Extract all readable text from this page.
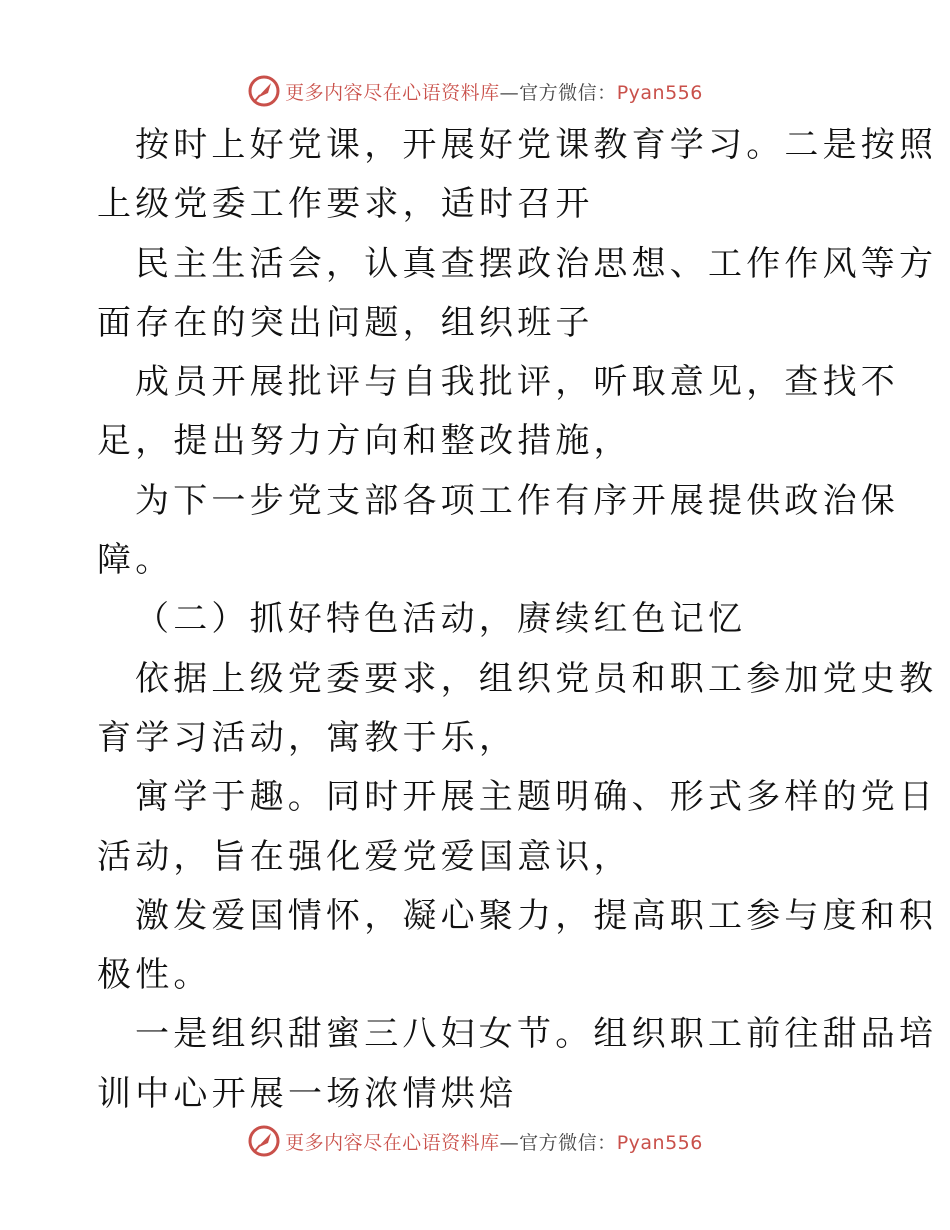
更多内容尽在心语资料库 —官方微信：Pyan556
按时上好党课，开展好党课教育学习。二是按照
上级党委工作要求，适时召开
民主生活会，认真查摆政治思想、工作作风等方
面存在的突出问题，组织班子
成员开展批评与自我批评，听取意见，查找不
足，提出努力方向和整改措施，
为下一步党支部各项工作有序开展提供政治保
障。
（二）抓好特色活动，赓续红色记忆
依据上级党委要求，组织党员和职工参加党史教
育学习活动，寓教于乐，
寓学于趣。同时开展主题明确、形式多样的党日
活动，旨在强化爱党爱国意识，
激发爱国情怀，凝心聚力，提高职工参与度和积
极性。
一是组织甜蜜三八妇女节。组织职工前往甜品培
训中心开展一场浓情烘焙
更多内容尽在心语资料库 —官方微信：Pyan556
